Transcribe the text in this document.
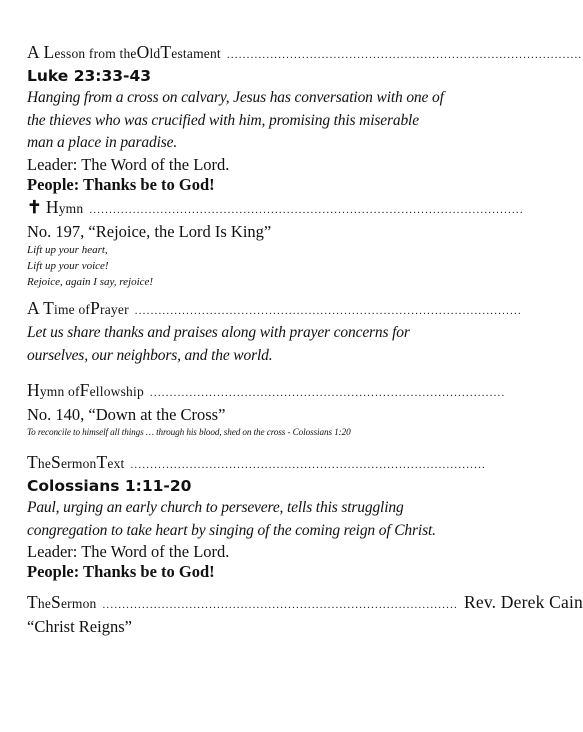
A L esson from the O ld T estament ..........................................................................................
Luke 23:33-43
Hanging from a cross on calvary, Jesus has conversation with one of the thieves who was crucified with him, promising this miserable man a place in paradise.
Leader: The Word of the Lord.
People: Thanks be to God!
✝ H ymn ..............................................................................................................
No. 197, “Rejoice, the Lord Is King”
Lift up your heart,
Lift up your voice!
Rejoice, again I say, rejoice!
A T ime of P rayer ..................................................................................................
Let us share thanks and praises along with prayer concerns for ourselves, our neighbors, and the world.
H ymn of F ellowship ..........................................................................................
No. 140, “Down at the Cross”
To reconcile to himself all things … through his blood, shed on the cross - Colossians 1:20
T he S ermon T ext ..........................................................................................
Colossians 1:11-20
Paul, urging an early church to persevere, tells this struggling congregation to take heart by singing of the coming reign of Christ.
Leader: The Word of the Lord.
People: Thanks be to God!
T he S ermon .......................................................................................... Rev. Derek Cain
“Christ Reigns”
